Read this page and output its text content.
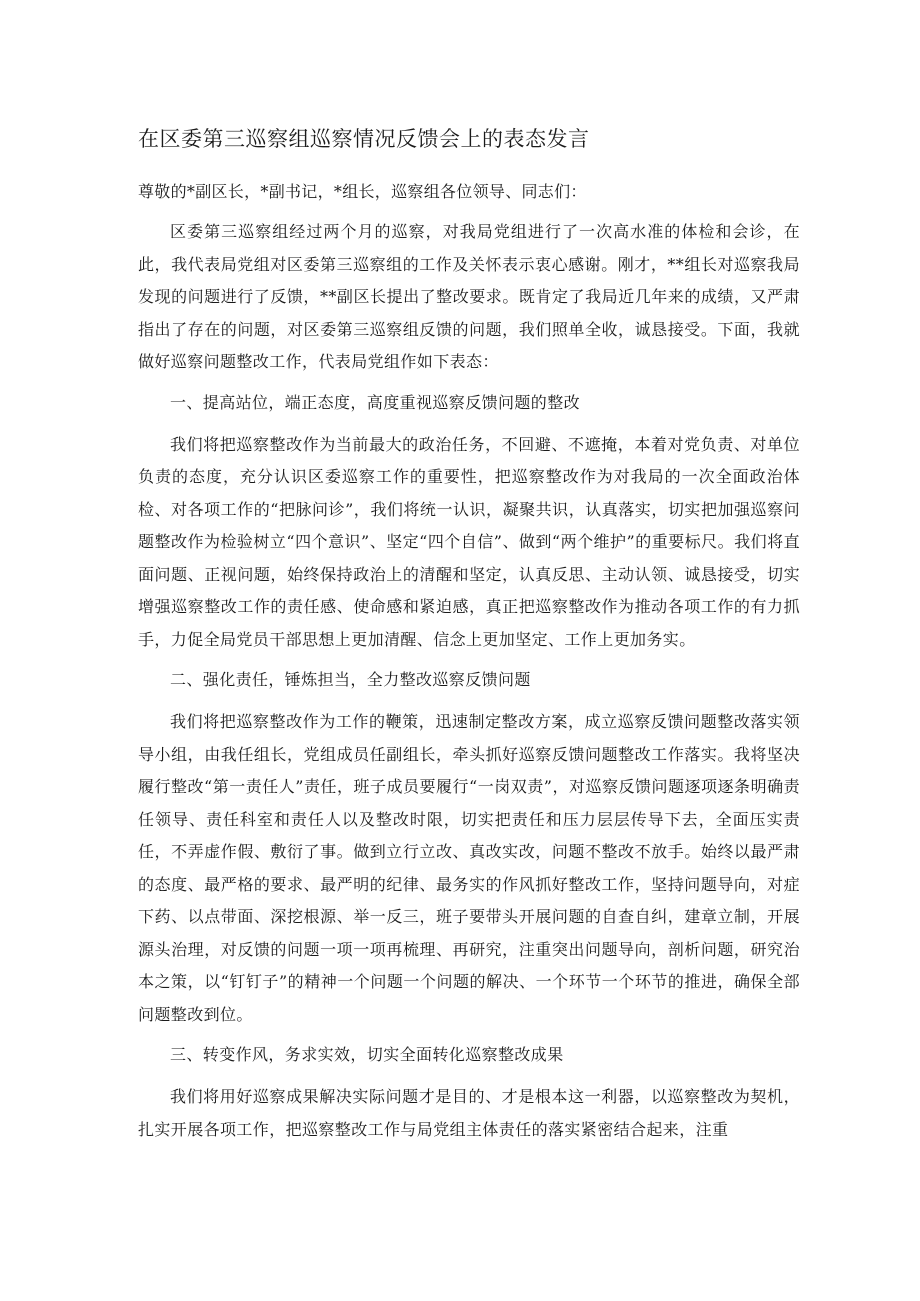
在区委第三巡察组巡察情况反馈会上的表态发言

尊敬的*副区长，*副书记，*组长，巡察组各位领导、同志们：

区委第三巡察组经过两个月的巡察，对我局党组进行了一次高水准的体检和会诊，在此，我代表局党组对区委第三巡察组的工作及关怀表示衷心感谢。刚才，**组长对巡察我局发现的问题进行了反馈，**副区长提出了整改要求。既肯定了我局近几年来的成绩，又严肃指出了存在的问题，对区委第三巡察组反馈的问题，我们照单全收，诚恳接受。下面，我就做好巡察问题整改工作，代表局党组作如下表态：

一、提高站位，端正态度，高度重视巡察反馈问题的整改

我们将把巡察整改作为当前最大的政治任务，不回避、不遮掩，本着对党负责、对单位负责的态度，充分认识区委巡察工作的重要性，把巡察整改作为对我局的一次全面政治体检、对各项工作的“把脉问诊”，我们将统一认识，凝聚共识，认真落实，切实把加强巡察问题整改作为检验树立“四个意识”、坚定“四个自信”、做到“两个维护”的重要标尺。我们将直面问题、正视问题，始终保持政治上的清醒和坚定，认真反思、主动认领、诚恳接受，切实增强巡察整改工作的责任感、使命感和紧迫感，真正把巡察整改作为推动各项工作的有力抓手，力促全局党员干部思想上更加清醒、信念上更加坚定、工作上更加务实。

二、强化责任，锤炼担当，全力整改巡察反馈问题

我们将把巡察整改作为工作的鞭策，迅速制定整改方案，成立巡察反馈问题整改落实领导小组，由我任组长，党组成员任副组长，牵头抓好巡察反馈问题整改工作落实。我将坚决履行整改“第一责任人”责任，班子成员要履行“一岗双责”，对巡察反馈问题逐项逐条明确责任领导、责任科室和责任人以及整改时限，切实把责任和压力层层传导下去，全面压实责任，不弄虚作假、敷衍了事。做到立行立改、真改实改，问题不整改不放手。始终以最严肃的态度、最严格的要求、最严明的纪律、最务实的作风抓好整改工作，坚持问题导向，对症下药、以点带面、深挖根源、举一反三，班子要带头开展问题的自查自纠，建章立制，开展源头治理，对反馈的问题一项一项再梳理、再研究，注重突出问题导向，剖析问题，研究治本之策，以“钉钉子”的精神一个问题一个问题的解决、一个环节一个环节的推进，确保全部问题整改到位。

三、转变作风，务求实效，切实全面转化巡察整改成果

我们将用好巡察成果解决实际问题才是目的、才是根本这一利器，以巡察整改为契机，扎实开展各项工作，把巡察整改工作与局党组主体责任的落实紧密结合起来，注重
